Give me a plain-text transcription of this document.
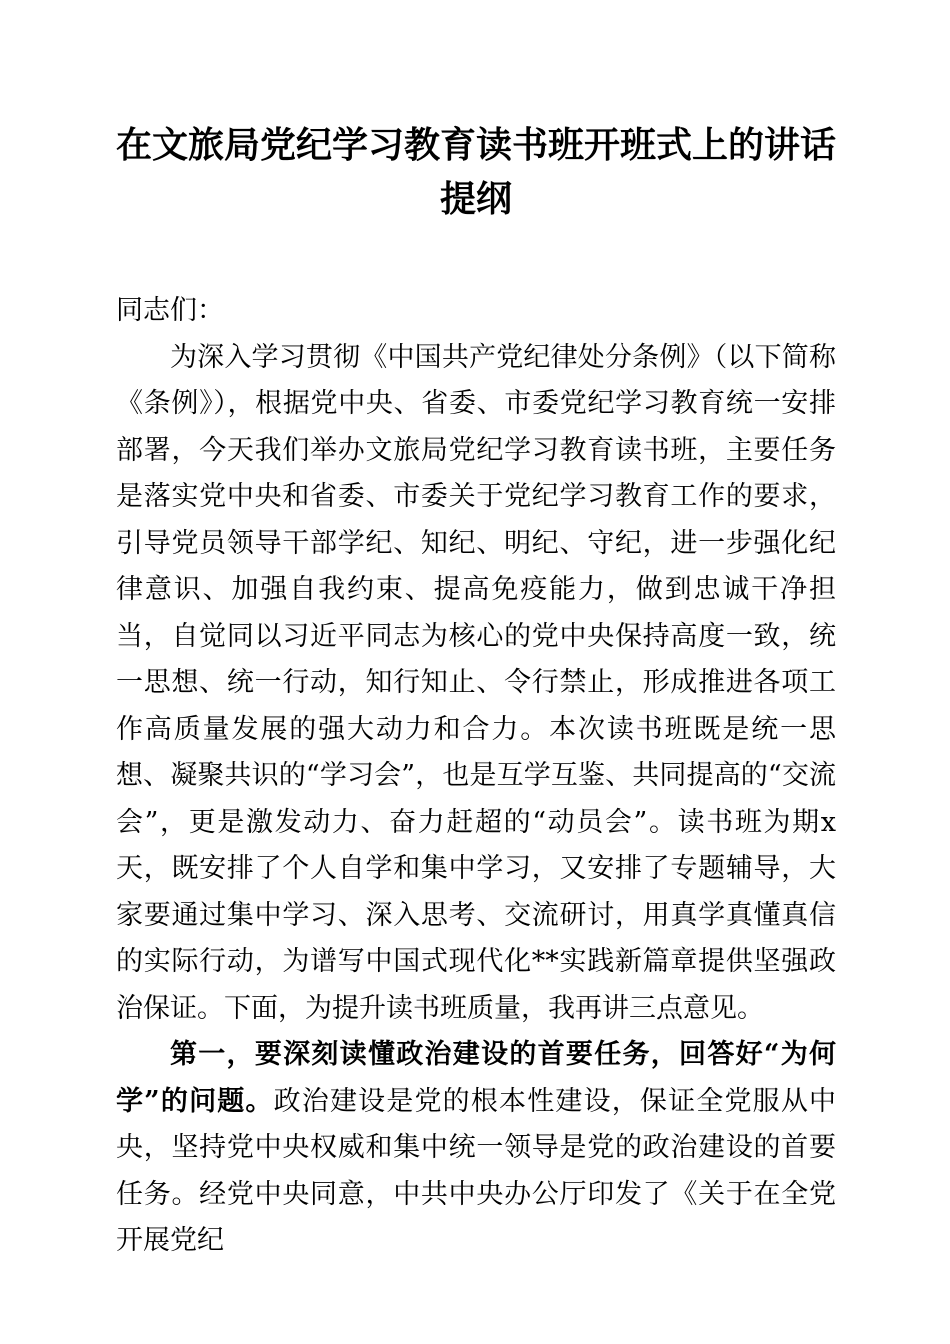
在文旅局党纪学习教育读书班开班式上的讲话提纲

同志们：

为深入学习贯彻《中国共产党纪律处分条例》（以下简称《条例》），根据党中央、省委、市委党纪学习教育统一安排部署，今天我们举办文旅局党纪学习教育读书班，主要任务是落实党中央和省委、市委关于党纪学习教育工作的要求，引导党员领导干部学纪、知纪、明纪、守纪，进一步强化纪律意识、加强自我约束、提高免疫能力，做到忠诚干净担当，自觉同以习近平同志为核心的党中央保持高度一致，统一思想、统一行动，知行知止、令行禁止，形成推进各项工作高质量发展的强大动力和合力。本次读书班既是统一思想、凝聚共识的“学习会”，也是互学互鉴、共同提高的“交流会”，更是激发动力、奋力赶超的“动员会”。读书班为期x天，既安排了个人自学和集中学习，又安排了专题辅导，大家要通过集中学习、深入思考、交流研讨，用真学真懂真信的实际行动，为谱写中国式现代化**实践新篇章提供坚强政治保证。下面，为提升读书班质量，我再讲三点意见。

第一，要深刻读懂政治建设的首要任务，回答好“为何学”的问题。政治建设是党的根本性建设，保证全党服从中央，坚持党中央权威和集中统一领导是党的政治建设的首要任务。经党中央同意，中共中央办公厅印发了《关于在全党开展党纪
